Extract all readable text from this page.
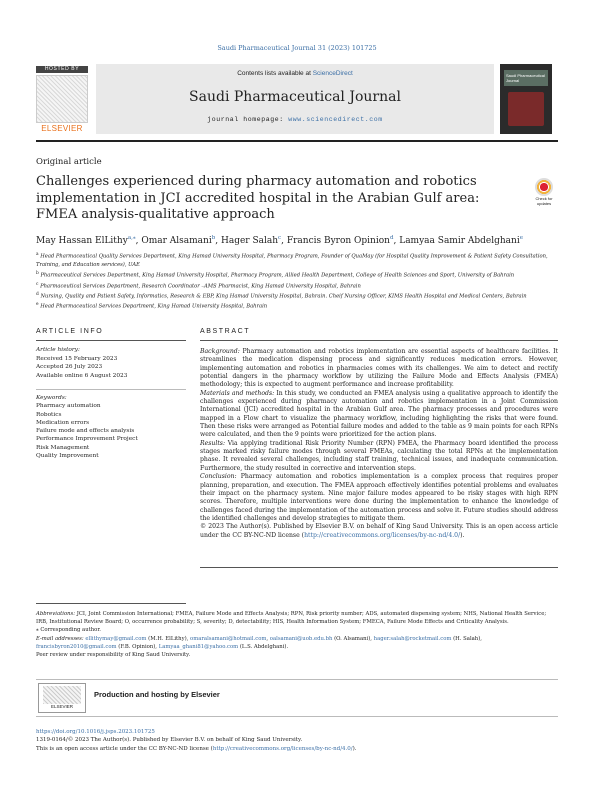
Saudi Pharmaceutical Journal 31 (2023) 101725
HOSTED BY
ELSEVIER
Contents lists available at ScienceDirect
Saudi Pharmaceutical Journal
journal homepage: www.sciencedirect.com
Saudi Pharmaceutical Journal
Original article
Challenges experienced during pharmacy automation and robotics implementation in JCI accredited hospital in the Arabian Gulf area: FMEA analysis-qualitative approach
Check for updates
May Hassan ElLithy$^{a,⁎}$, Omar Alsamani$^b$, Hager Salah$^c$, Francis Byron Opinion$^d$, Lamyaa Samir Abdelghani$^e$
$^a$ Head Pharmaceutical Quality Services Department, King Hamad University Hospital, Pharmacy Program, Founder of QuaMay (for Hospital Quality Improvement & Patient Safety Consultation, Training, and Education services), UAE
$^b$ Pharmaceutical Services Department, King Hamad University Hospital, Pharmacy Program, Allied Health Department, College of Health Sciences and Sport, University of Bahrain
$^c$ Pharmaceutical Services Department, Research Coordinator –AMS Pharmacist, King Hamad University Hospital, Bahrain
$^d$ Nursing, Quality and Patient Safety, Informatics, Research & EBP, King Hamad University Hospital, Bahrain. Cheif Nursing Officer, KIMS Health Hospital and Medical Centers, Bahrain
$^e$ Head Pharmaceutical Services Department, King Hamad University Hospital, Bahrain
ARTICLE INFO	ABSTRACT
Article history:
Received 15 February 2023
Accepted 26 July 2023
Available online 6 August 2023
Keywords:
Pharmacy automation
Robotics
Medication errors
Failure mode and effects analysis
Performance Improvement Project
Risk Management
Quality Improvement

Background: Pharmacy automation and robotics implementation are essential aspects of healthcare facilities. It streamlines the medication dispensing process and significantly reduces medication errors. However, implementing automation and robotics in pharmacies comes with its challenges. We aim to detect and rectify potential dangers in the pharmacy workflow by utilizing the Failure Mode and Effects Analysis (FMEA) methodology; this is expected to augment performance and increase profitability.

Materials and methods: In this study, we conducted an FMEA analysis using a qualitative approach to identify the challenges experienced during pharmacy automation and robotics implementation in a Joint Commission International (JCI) accredited hospital in the Arabian Gulf area. The pharmacy processes and procedures were mapped in a Flow chart to visualize the pharmacy workflow, including highlighting the risks that were found. Then these risks were arranged as Potential failure modes and added to the table as 9 main points for each RPNs were calculated, and then the 9 points were prioritized for the action plans.

Results: Via applying traditional Risk Priority Number (RPN) FMEA, the Pharmacy board identified the process stages marked risky failure modes through several FMEAs, calculating the total RPNs at the implementation phase. It revealed several challenges, including staff training, technical issues, and inadequate communication. Furthermore, the study resulted in corrective and intervention steps.

Conclusion: Pharmacy automation and robotics implementation is a complex process that requires proper planning, preparation, and execution. The FMEA approach effectively identifies potential problems and evaluates their impact on the pharmacy system. Nine major failure modes appeared to be risky stages with high RPN scores. Therefore, multiple interventions were done during the implementation to enhance the knowledge of challenges faced during the implementation of the automation process and solve it. Future studies should address the identified challenges and develop strategies to mitigate them.

© 2023 The Author(s). Published by Elsevier B.V. on behalf of King Saud University. This is an open access article under the CC BY-NC-ND license (http://creativecommons.org/licenses/by-nc-nd/4.0/).

Abbreviations: JCI, Joint Commission International; FMEA, Failure Mode and Effects Analysis; RPN, Risk priority number; ADS, automated dispensing system; NHS, National Health Service; IRB, Institutional Review Board; O, occurrence probability; S, severity; D, detectability; HIS, Health Information System; FMECA, Failure Mode Effects and Criticality Analysis.

⁎ Corresponding author.

E-mail addresses: ellithymay@gmail.com (M.H. ElLithy), omaralsamani@hotmail.com, oalsamani@uob.edu.bh (O. Alsamani), hager.salah@rocketmail.com (H. Salah), francisbyron2010@gmail.com (F.B. Opinion), Lamyaa_ghani81@yahoo.com (L.S. Abdelghani).

Peer review under responsibility of King Saud University.

ELSEVIER
Production and hosting by Elsevier

https://doi.org/10.1016/j.jsps.2023.101725

1319-0164/© 2023 The Author(s). Published by Elsevier B.V. on behalf of King Saud University.

This is an open access article under the CC BY-NC-ND license (http://creativecommons.org/licenses/by-nc-nd/4.0/).
